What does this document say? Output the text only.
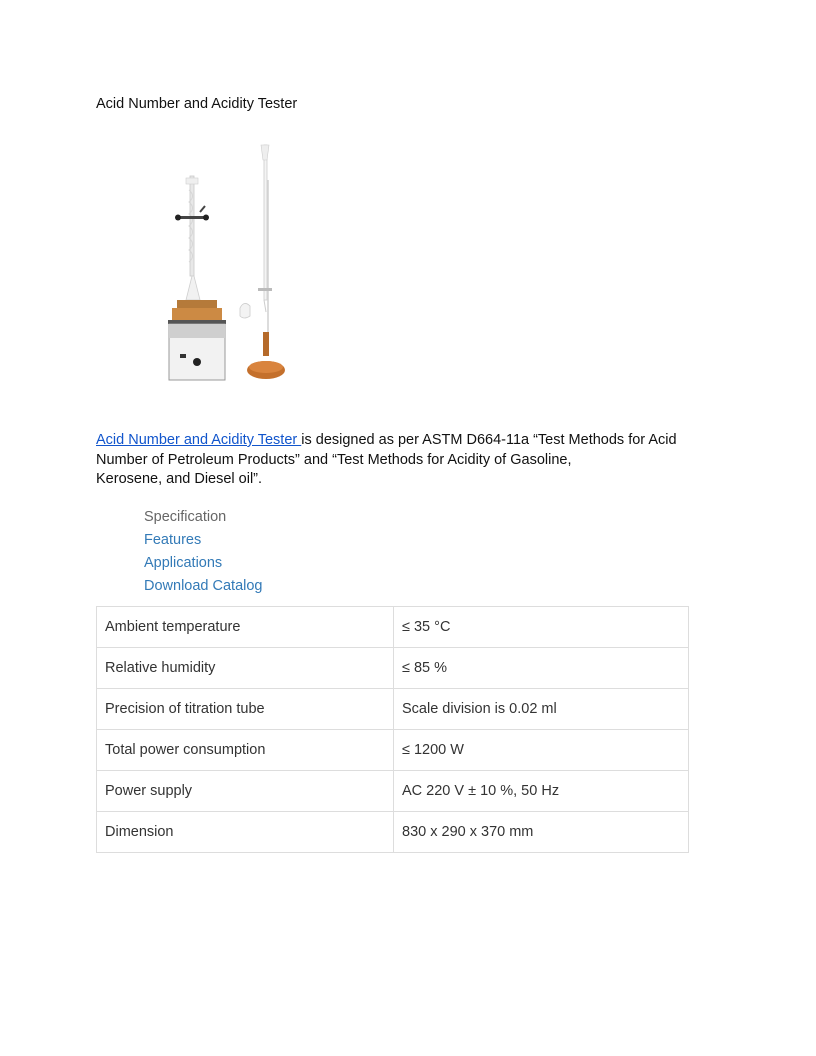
Acid Number and Acidity Tester

Acid Number and Acidity Tester is designed as per ASTM D664-11a “Test Methods for Acid
Number of Petroleum Products” and “Test Methods for Acidity of Gasoline,
Kerosene, and Diesel oil”.

Specification
Features
Applications
Download Catalog
Ambient temperature	≤ 35 °C
Relative humidity	≤ 85 %
Precision of titration tube	Scale division is 0.02 ml
Total power consumption	≤ 1200 W
Power supply	AC 220 V ± 10 %, 50 Hz
Dimension	830 x 290 x 370 mm
